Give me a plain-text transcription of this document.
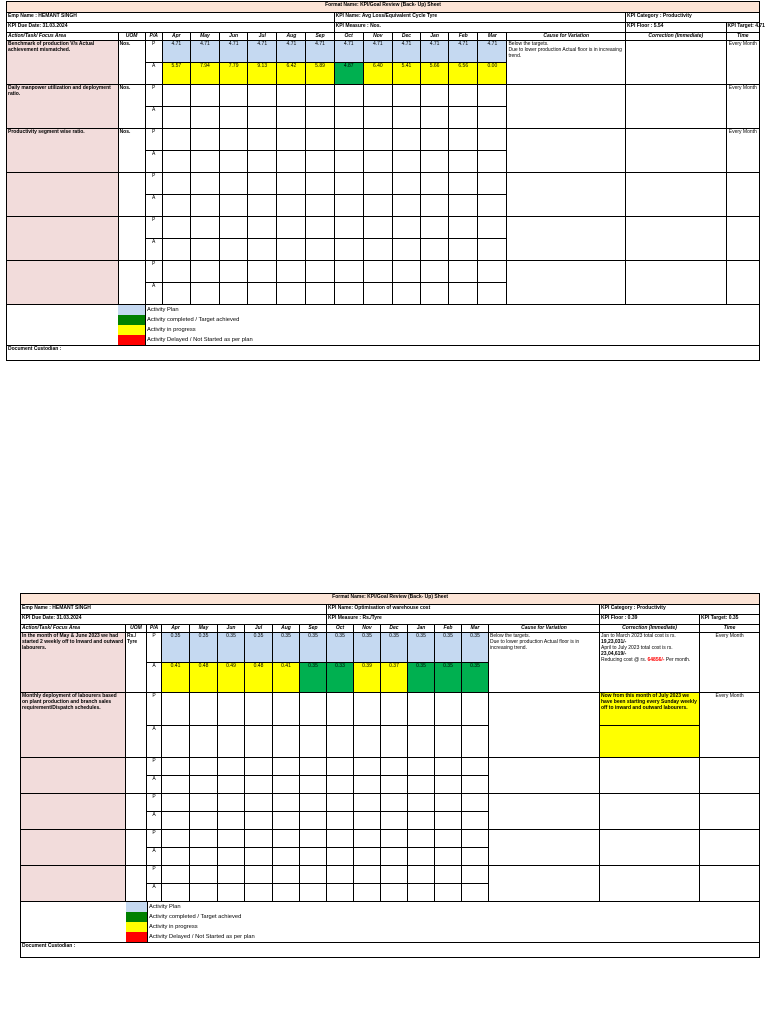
Format Name: KPI/Goal Review (Back- Up) Sheet																	
Emp Name : HEMANT SINGH									KPI Name: Avg Loss/Equivalent Cycle Tyre							KPI Category : Productivity	
KPI Due Date: 31.03.2024									KPI Measure : Nos.							KPI Floor : 5.54	KPI Target: 4.71
Action/Task/ Focus Area	UOM	P/A	Apr	May	Jun	Jul	Aug	Sep	Oct	Nov	Dec	Jan	Feb	Mar	Cause for Variation	Correction (Immediate)	Time
Benchmark of production V/s Actual achievement mismatched.	Nos.	P	4.71	4.71	4.71	4.71	4.71	4.71	4.71	4.71	4.71	4.71	4.71	4.71	Below the targets.
Due to lower production Actual floor is in increasing trend.		Every Month
		A	5.57	7.94	7.79	9.13	6.42	5.89	4.87	6.40	5.41	5.66	6.56	0.00			
Daily manpower utilization and deployment ratio.	Nos.	P															Every Month
		A															
Productivity segment wise ratio.	Nos.	P															Every Month
		A															
		P															
		A															
		P															
		A															
		P															
		A															

Activity Plan
Activity completed / Target achieved
Activity in progress
Activity Delayed / Not Started as per plan																	

Document Custodian :																	
Format Name: KPI/Goal Review (Back- Up) Sheet																	
Emp Name : HEMANT SINGH									KPI Name: Optimisation of warehouse cost							KPI Category : Productivity	
KPI Due Date: 31.03.2024									KPI Measure : Rs./Tyre							KPI Floor : 0.39	KPI Target: 0.35
Action/Task/ Focus Area	UOM	P/A	Apr	May	Jun	Jul	Aug	Sep	Oct	Nov	Dec	Jan	Feb	Mar	Cause for Variation	Correction (Immediate)	Time
In the month of May & June 2023 we had started 2 weekly off to Inward and outward labourers.	Rs./ Tyre	P	0.35	0.35	0.35	0.35	0.35	0.35	0.35	0.35	0.35	0.35	0.35	0.35	Below the targets.
Due to lower production Actual floor is in increasing trend.	Jan to March 2023 total cost is rs. 19,23,031/-
April to July 2023 total cost is rs. 23,04,619/-
Reducing cost @ rs. 64856/- Per month.	Every Month
		A	0.41	0.48	0.49	0.48	0.41	0.35	0.33	0.39	0.37	0.35	0.35	0.35			
Monthly deployment of labourers based on plant production and branch sales requirement/Dispatch schedules.		P														Now from this month of July 2023 we have been starting every Sunday weekly off to inward and outward labourers.	Every Month
		A															
		P															
		A															
		P															
		A															
		P															
		A															
		P															
		A															

Activity Plan
Activity completed / Target achieved
Activity in progress
Activity Delayed / Not Started as per plan																	

Document Custodian :																	
